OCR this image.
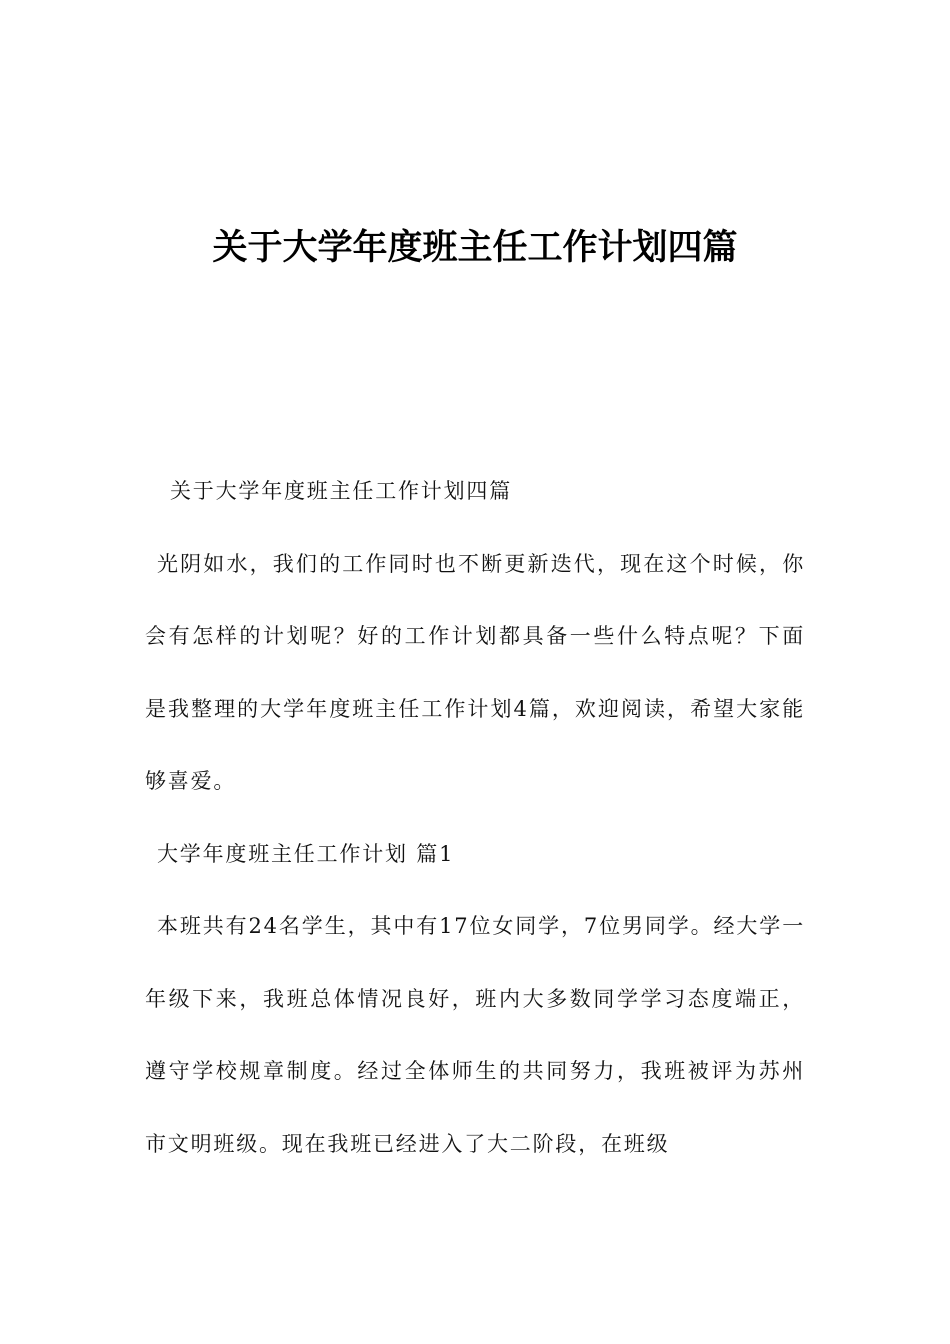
关于大学年度班主任工作计划四篇

关于大学年度班主任工作计划四篇

光阴如水，我们的工作同时也不断更新迭代，现在这个时候，你会有怎样的计划呢？好的工作计划都具备一些什么特点呢？下面是我整理的大学年度班主任工作计划4篇，欢迎阅读，希望大家能够喜爱。

大学年度班主任工作计划 篇1

本班共有24名学生，其中有17位女同学，7位男同学。经大学一年级下来，我班总体情况良好，班内大多数同学学习态度端正，遵守学校规章制度。经过全体师生的共同努力，我班被评为苏州市文明班级。现在我班已经进入了大二阶段，在班级
